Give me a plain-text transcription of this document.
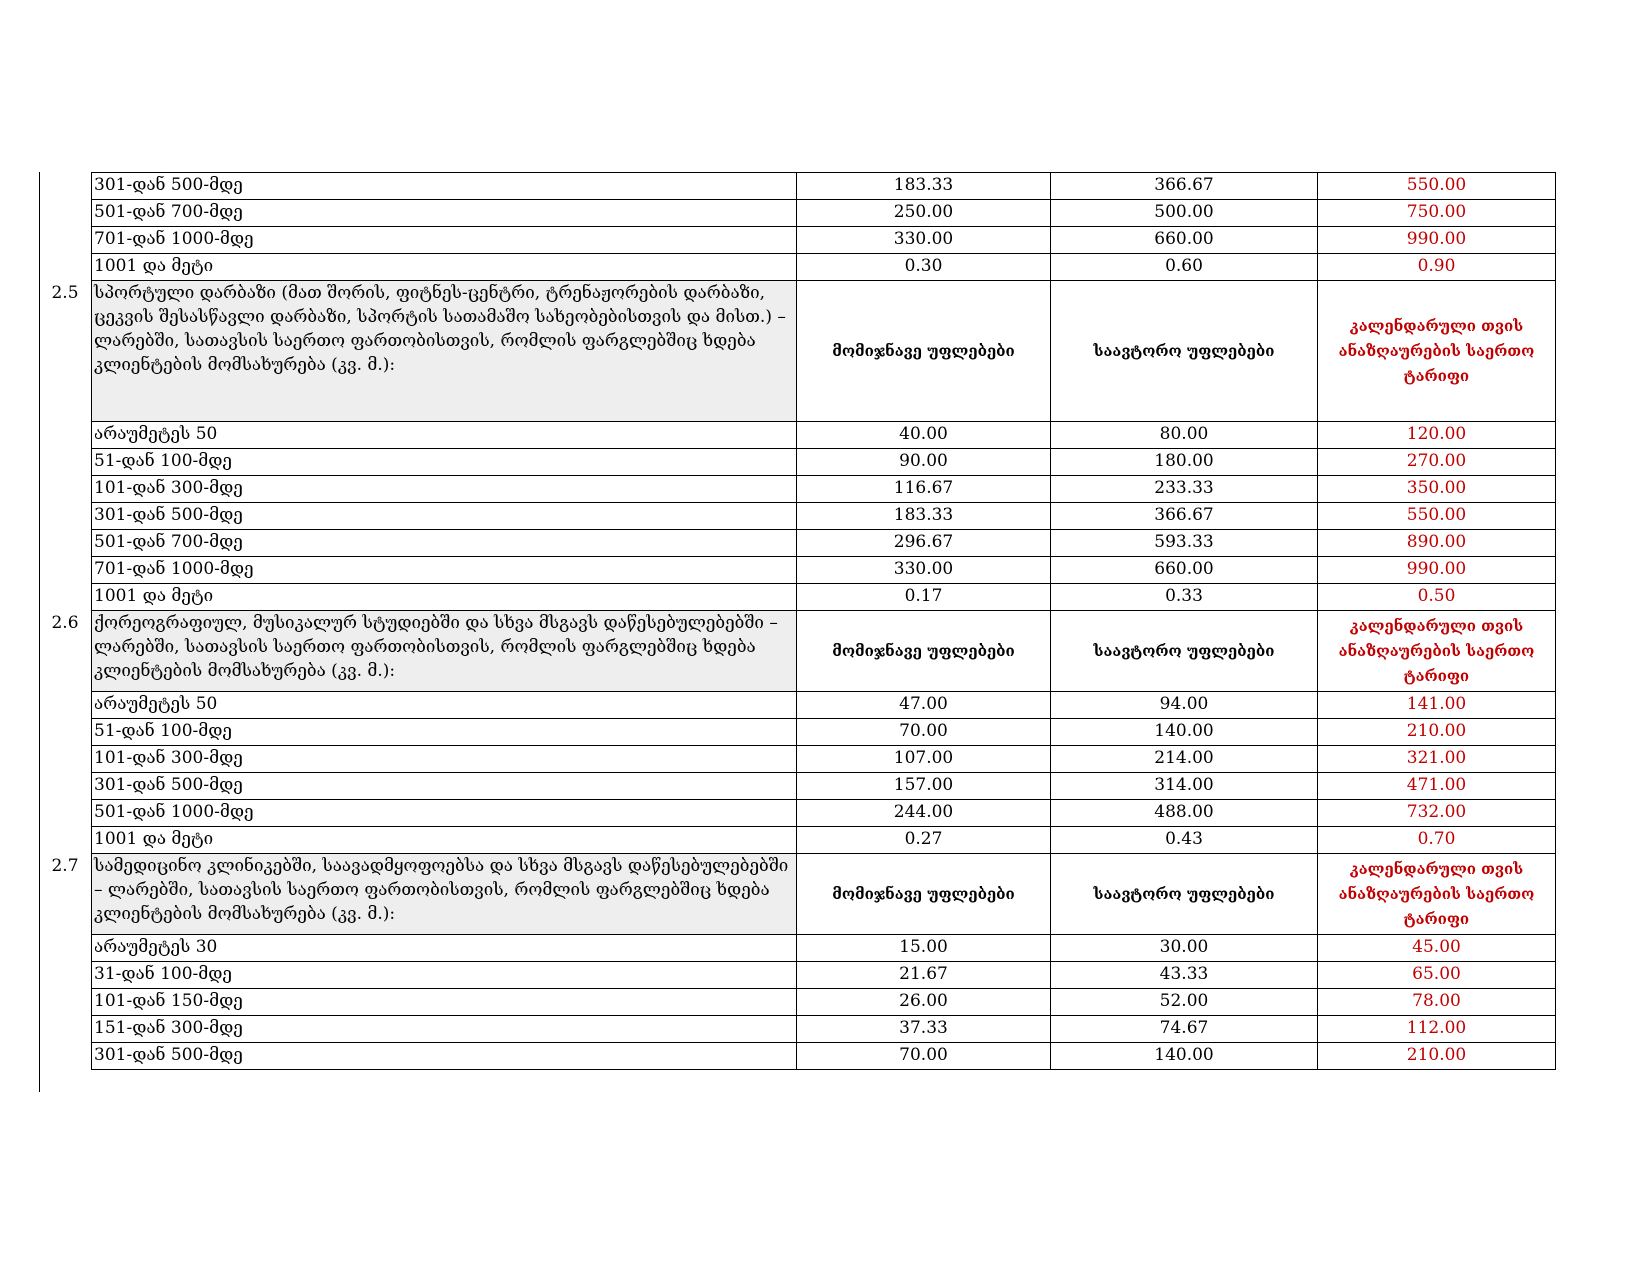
	301-დან 500-მდე	183.33	366.67	550.00
	501-დან 700-მდე	250.00	500.00	750.00
	701-დან 1000-მდე	330.00	660.00	990.00
	1001 და მეტი	0.30	0.60	0.90
2.5	სპორტული დარბაზი (მათ შორის, ფიტნეს-ცენტრი, ტრენაჟორების დარბაზი, ცეკვის შესასწავლი დარბაზი, სპორტის სათამაშო სახეობებისთვის და მისთ.) – ლარებში, სათავსის საერთო ფართობისთვის, რომლის ფარგლებშიც ხდება კლიენტების მომსახურება (კვ. მ.):	მომიჯნავე უფლებები	საავტორო უფლებები	კალენდარული თვის ანაზღაურების საერთო ტარიფი
	არაუმეტეს 50	40.00	80.00	120.00
	51-დან 100-მდე	90.00	180.00	270.00
	101-დან 300-მდე	116.67	233.33	350.00
	301-დან 500-მდე	183.33	366.67	550.00
	501-დან 700-მდე	296.67	593.33	890.00
	701-დან 1000-მდე	330.00	660.00	990.00
	1001 და მეტი	0.17	0.33	0.50
2.6	ქორეოგრაფიულ, მუსიკალურ სტუდიებში და სხვა მსგავს დაწესებულებებში – ლარებში, სათავსის საერთო ფართობისთვის, რომლის ფარგლებშიც ხდება კლიენტების მომსახურება (კვ. მ.):	მომიჯნავე უფლებები	საავტორო უფლებები	კალენდარული თვის ანაზღაურების საერთო ტარიფი
	არაუმეტეს 50	47.00	94.00	141.00
	51-დან 100-მდე	70.00	140.00	210.00
	101-დან 300-მდე	107.00	214.00	321.00
	301-დან 500-მდე	157.00	314.00	471.00
	501-დან 1000-მდე	244.00	488.00	732.00
	1001 და მეტი	0.27	0.43	0.70
2.7	სამედიცინო კლინიკებში, საავადმყოფოებსა და სხვა მსგავს დაწესებულებებში – ლარებში, სათავსის საერთო ფართობისთვის, რომლის ფარგლებშიც ხდება კლიენტების მომსახურება (კვ. მ.):	მომიჯნავე უფლებები	საავტორო უფლებები	კალენდარული თვის ანაზღაურების საერთო ტარიფი
	არაუმეტეს 30	15.00	30.00	45.00
	31-დან 100-მდე	21.67	43.33	65.00
	101-დან 150-მდე	26.00	52.00	78.00
	151-დან 300-მდე	37.33	74.67	112.00
	301-დან 500-მდე	70.00	140.00	210.00
